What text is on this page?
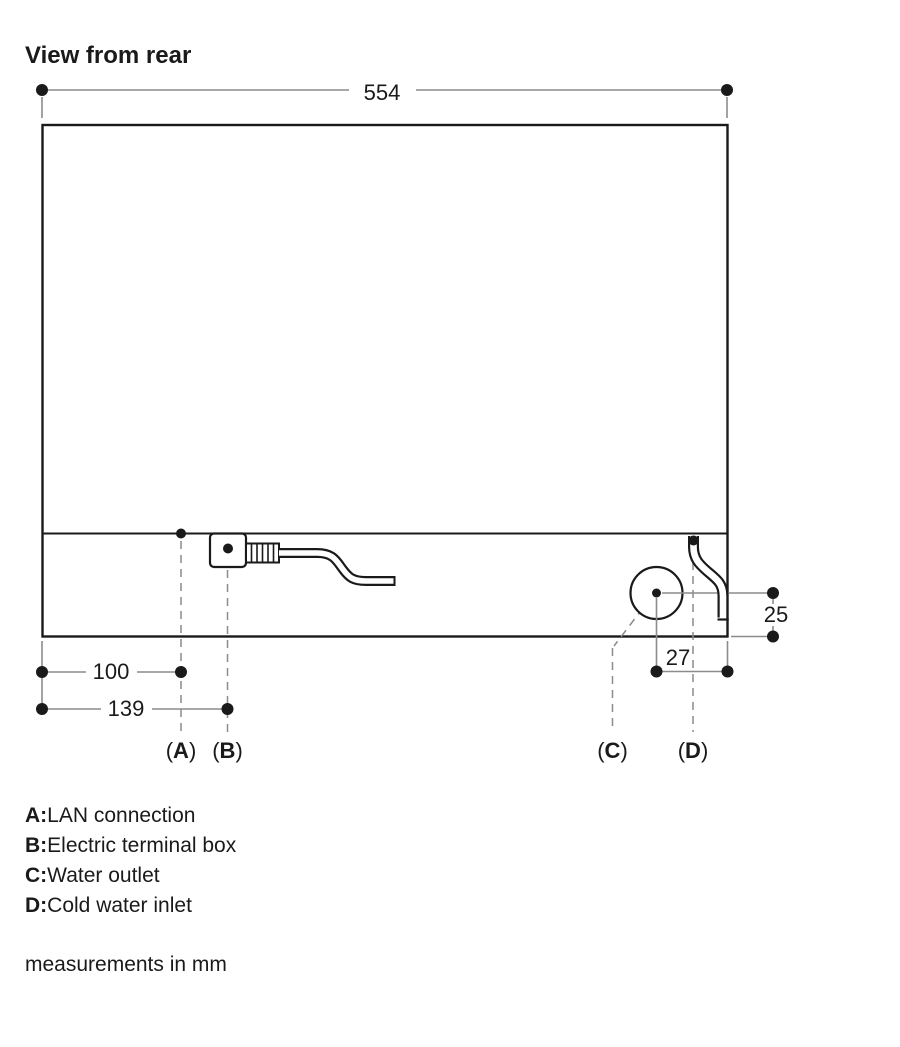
View from rear
554
100
139
27
25
(A) (B)	(C) (D)
A:LAN connection
B:Electric terminal box
C:Water outlet
D:Cold water inlet
measurements in mm
